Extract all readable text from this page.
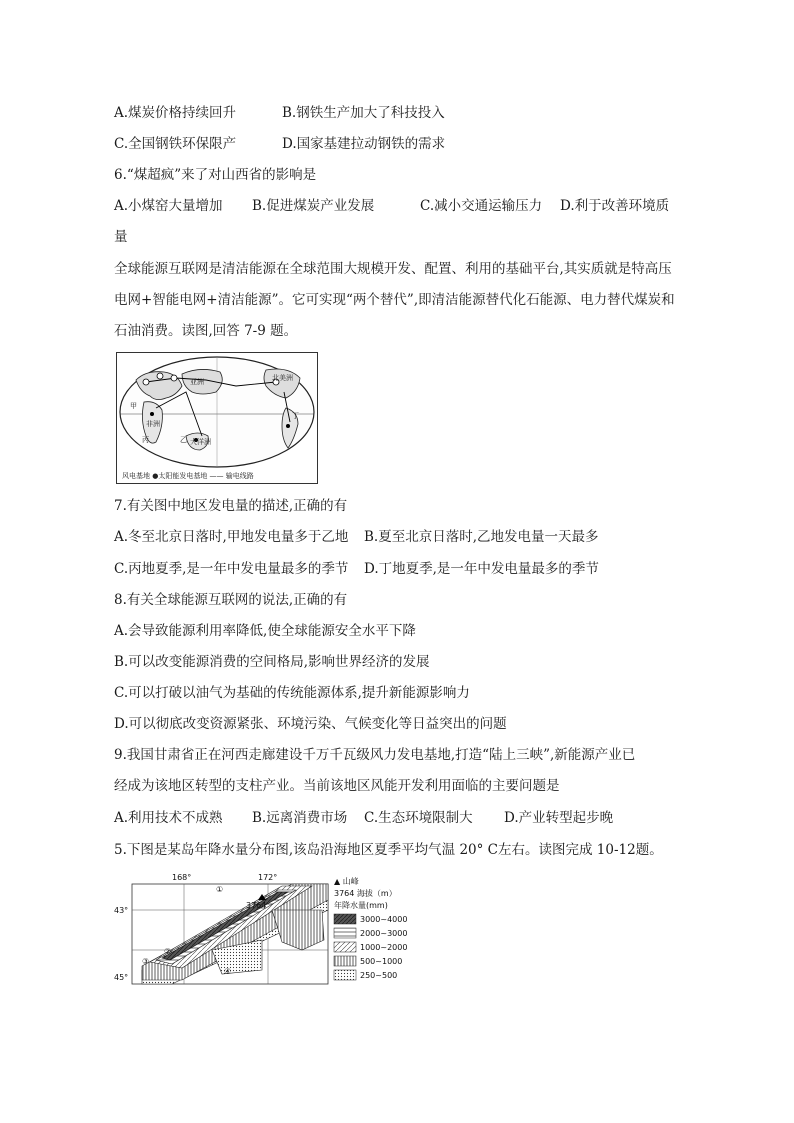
A.煤炭价格持续回升	B.钢铁生产加大了科技投入
C.全国钢铁环保限产	D.国家基建拉动钢铁的需求
6.“煤超疯”来了对山西省的影响是
A.小煤窑大量增加 B.促进煤炭产业发展	C.减小交通运输压力 D.利于改善环境质
量
全球能源互联网是清洁能源在全球范围大规模开发、配置、利用的基础平台,其实质就是特高压电网+智能电网+清洁能源”。它可实现“两个替代”,即清洁能源替代化石能源、电力替代煤炭和石油消费。读图,回答 7-9 题。
亚洲
非洲
大洋洲
北美洲
甲
乙
丙
丁
风电基地 ●太阳能发电基地 —— 输电线路
7.有关图中地区发电量的描述,正确的有
A.冬至北京日落时,甲地发电量多于乙地 B.夏至北京日落时,乙地发电量一天最多
C.丙地夏季,是一年中发电量最多的季节 D.丁地夏季,是一年中发电量最多的季节
8.有关全球能源互联网的说法,正确的有
A.会导致能源利用率降低,使全球能源安全水平下降
B.可以改变能源消费的空间格局,影响世界经济的发展
C.可以打破以油气为基础的传统能源体系,提升新能源影响力
D.可以彻底改变资源紧张、环境污染、气候变化等日益突出的问题
9.我国甘肃省正在河西走廊建设千万千瓦级风力发电基地,打造“陆上三峡”,新能源产业已
经成为该地区转型的支柱产业。当前该地区风能开发利用面临的主要问题是
A.利用技术不成熟 B.远离消费市场 C.生态环境限制大 D.产业转型起步晚
5.下图是某岛年降水量分布图,该岛沿海地区夏季平均气温 20° C左右。读图完成 10-12题。
168°	172°
43°
45°
3764
①
②
③
④
▲ 山峰
3764 海拔（m）
年降水量(mm)
3000~4000
2000~3000
1000~2000
500~1000
250~500
